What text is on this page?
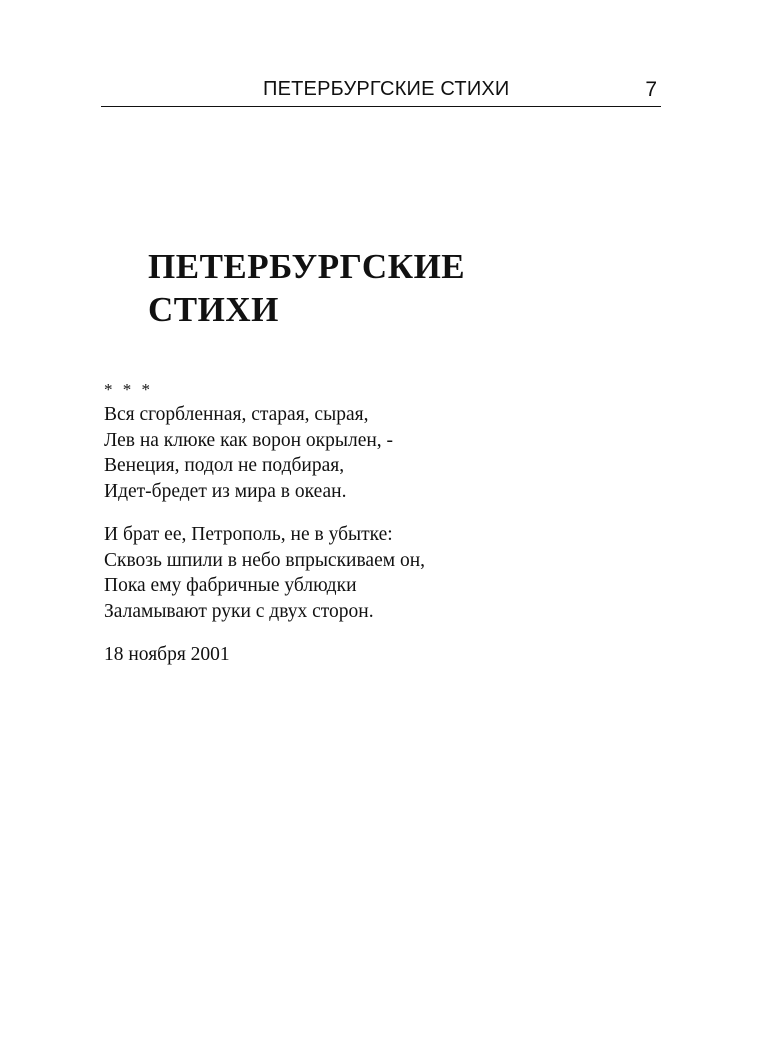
ПЕТЕРБУРГСКИЕ СТИХИ	7
ПЕТЕРБУРГСКИЕ
СТИХИ
* * *
Вся сгорбленная, старая, сырая,
Лев на клюке как ворон окрылен, -
Венеция, подол не подбирая,
Идет-бредет из мира в океан.
И брат ее, Петрополь, не в убытке:
Сквозь шпили в небо впрыскиваем он,
Пока ему фабричные ублюдки
Заламывают руки с двух сторон.
18 ноября 2001
